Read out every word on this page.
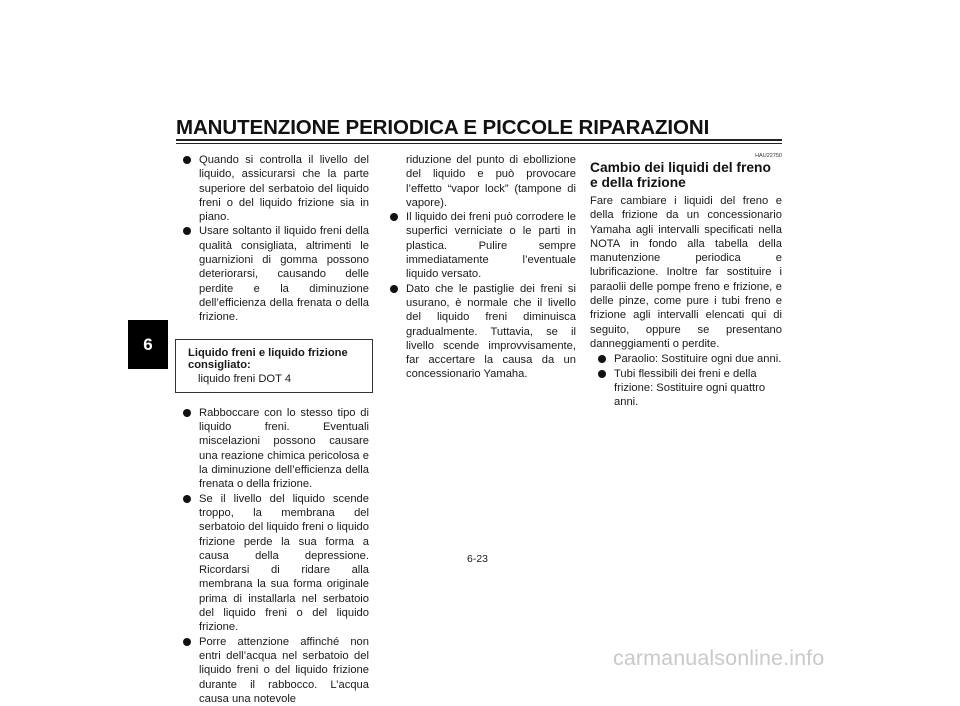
MANUTENZIONE PERIODICA E PICCOLE RIPARAZIONI
6
Quando si controlla il livello del liquido, assicurarsi che la parte superiore del serbatoio del liquido freni o del liquido frizione sia in piano.
Usare soltanto il liquido freni della qualità consigliata, altrimenti le guarnizioni di gomma possono deteriorarsi, causando delle perdite e la diminuzione dell’efficienza della frenata o della frizione.
Liquido freni e liquido frizione consigliato:
liquido freni DOT 4
Rabboccare con lo stesso tipo di liquido freni. Eventuali miscelazioni possono causare una reazione chimica pericolosa e la diminuzione dell’efficienza della frenata o della frizione.
Se il livello del liquido scende troppo, la membrana del serbatoio del liquido freni o liquido frizione perde la sua forma a causa della depressione. Ricordarsi di ridare alla membrana la sua forma originale prima di installarla nel serbatoio del liquido freni o del liquido frizione.
Porre attenzione affinché non entri dell’acqua nel serbatoio del liquido freni o del liquido frizione durante il rabbocco. L’acqua causa una notevole
riduzione del punto di ebollizione del liquido e può provocare l’effetto “vapor lock” (tampone di vapore).
Il liquido dei freni può corrodere le superfici verniciate o le parti in plastica. Pulire sempre immediatamente l’eventuale liquido versato.
Dato che le pastiglie dei freni si usurano, è normale che il livello del liquido freni diminuisca gradualmente. Tuttavia, se il livello scende improvvisamente, far accertare la causa da un concessionario Yamaha.
HAU22750
Cambio dei liquidi del freno e della frizione

Fare cambiare i liquidi del freno e della frizione da un concessionario Yamaha agli intervalli specificati nella NOTA in fondo alla tabella della manutenzione periodica e lubrificazione. Inoltre far sostituire i paraolii delle pompe freno e frizione, e delle pinze, come pure i tubi freno e frizione agli intervalli elencati qui di seguito, oppure se presentano danneggiamenti o perdite.

Paraolio: Sostituire ogni due anni.
Tubi flessibili dei freni e della frizione: Sostituire ogni quattro anni.
6-23
carmanualsonline.info
